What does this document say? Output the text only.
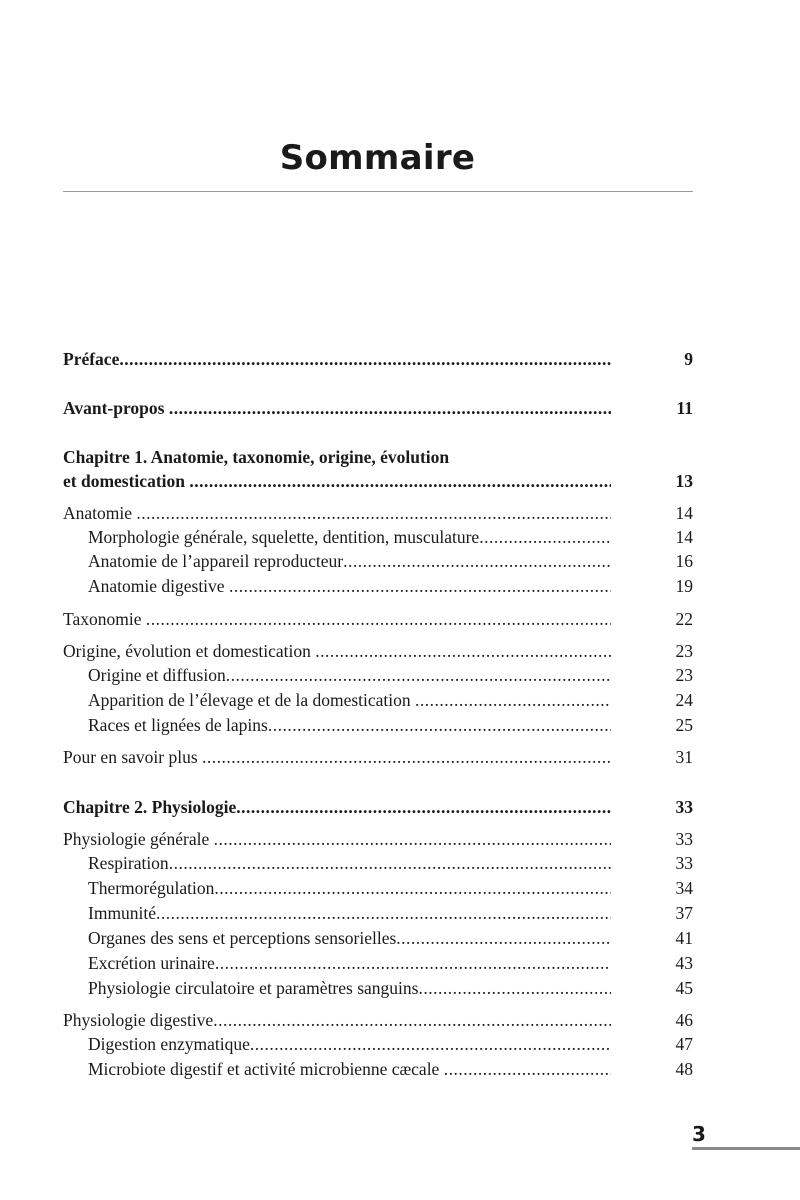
Sommaire
Préface .....	9
Avant-propos .....	11
Chapitre 1. Anatomie, taxonomie, origine, évolution
et domestication .....	13
Anatomie .....	14
Morphologie générale, squelette, dentition, musculature .....	14
Anatomie de l’appareil reproducteur .....	16
Anatomie digestive .....	19
Taxonomie .....	22
Origine, évolution et domestication .....	23
Origine et diffusion .....	23
Apparition de l’élevage et de la domestication .....	24
Races et lignées de lapins .....	25
Pour en savoir plus .....	31
Chapitre 2. Physiologie .....	33
Physiologie générale .....	33
Respiration .....	33
Thermorégulation .....	34
Immunité .....	37
Organes des sens et perceptions sensorielles .....	41
Excrétion urinaire .....	43
Physiologie circulatoire et paramètres sanguins .....	45
Physiologie digestive .....	46
Digestion enzymatique .....	47
Microbiote digestif et activité microbienne cæcale .....	48
3
